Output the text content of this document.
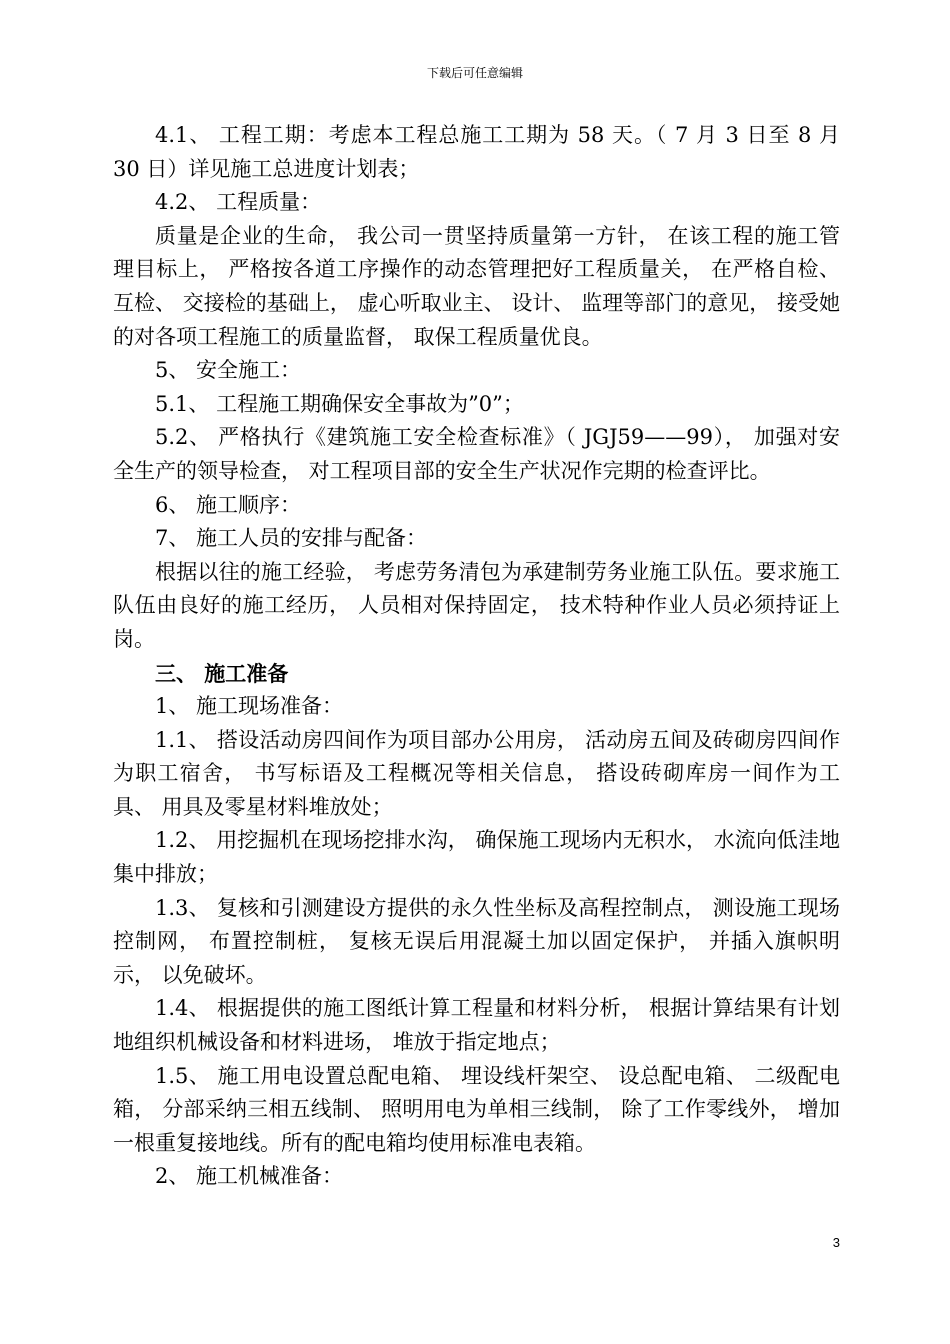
下载后可任意编辑

4.1、 工程工期：考虑本工程总施工工期为 58 天。（ 7 月 3 日至 8 月 30 日）详见施工总进度计划表；

4.2、 工程质量：

质量是企业的生命， 我公司一贯坚持质量第一方针， 在该工程的施工管理目标上， 严格按各道工序操作的动态管理把好工程质量关， 在严格自检、 互检、 交接检的基础上， 虚心听取业主、 设计、 监理等部门的意见， 接受她的对各项工程施工的质量监督， 取保工程质量优良。

5、 安全施工：

5.1、 工程施工期确保安全事故为”0”；

5.2、 严格执行《建筑施工安全检查标准》（ JGJ59——99）， 加强对安全生产的领导检查， 对工程项目部的安全生产状况作完期的检查评比。

6、 施工顺序：

7、 施工人员的安排与配备：

根据以往的施工经验， 考虑劳务清包为承建制劳务业施工队伍。要求施工队伍由良好的施工经历， 人员相对保持固定， 技术特种作业人员必须持证上岗。

三、 施工准备

1、 施工现场准备：

1.1、 搭设活动房四间作为项目部办公用房， 活动房五间及砖砌房四间作为职工宿舍， 书写标语及工程概况等相关信息， 搭设砖砌库房一间作为工具、 用具及零星材料堆放处；

1.2、 用挖掘机在现场挖排水沟， 确保施工现场内无积水， 水流向低洼地集中排放；

1.3、 复核和引测建设方提供的永久性坐标及高程控制点， 测设施工现场控制网， 布置控制桩， 复核无误后用混凝土加以固定保护， 并插入旗帜明示， 以免破坏。

1.4、 根据提供的施工图纸计算工程量和材料分析， 根据计算结果有计划地组织机械设备和材料进场， 堆放于指定地点；

1.5、 施工用电设置总配电箱、 埋设线杆架空、 设总配电箱、 二级配电箱， 分部采纳三相五线制、 照明用电为单相三线制， 除了工作零线外， 增加一根重复接地线。所有的配电箱均使用标准电表箱。

2、 施工机械准备：

3
